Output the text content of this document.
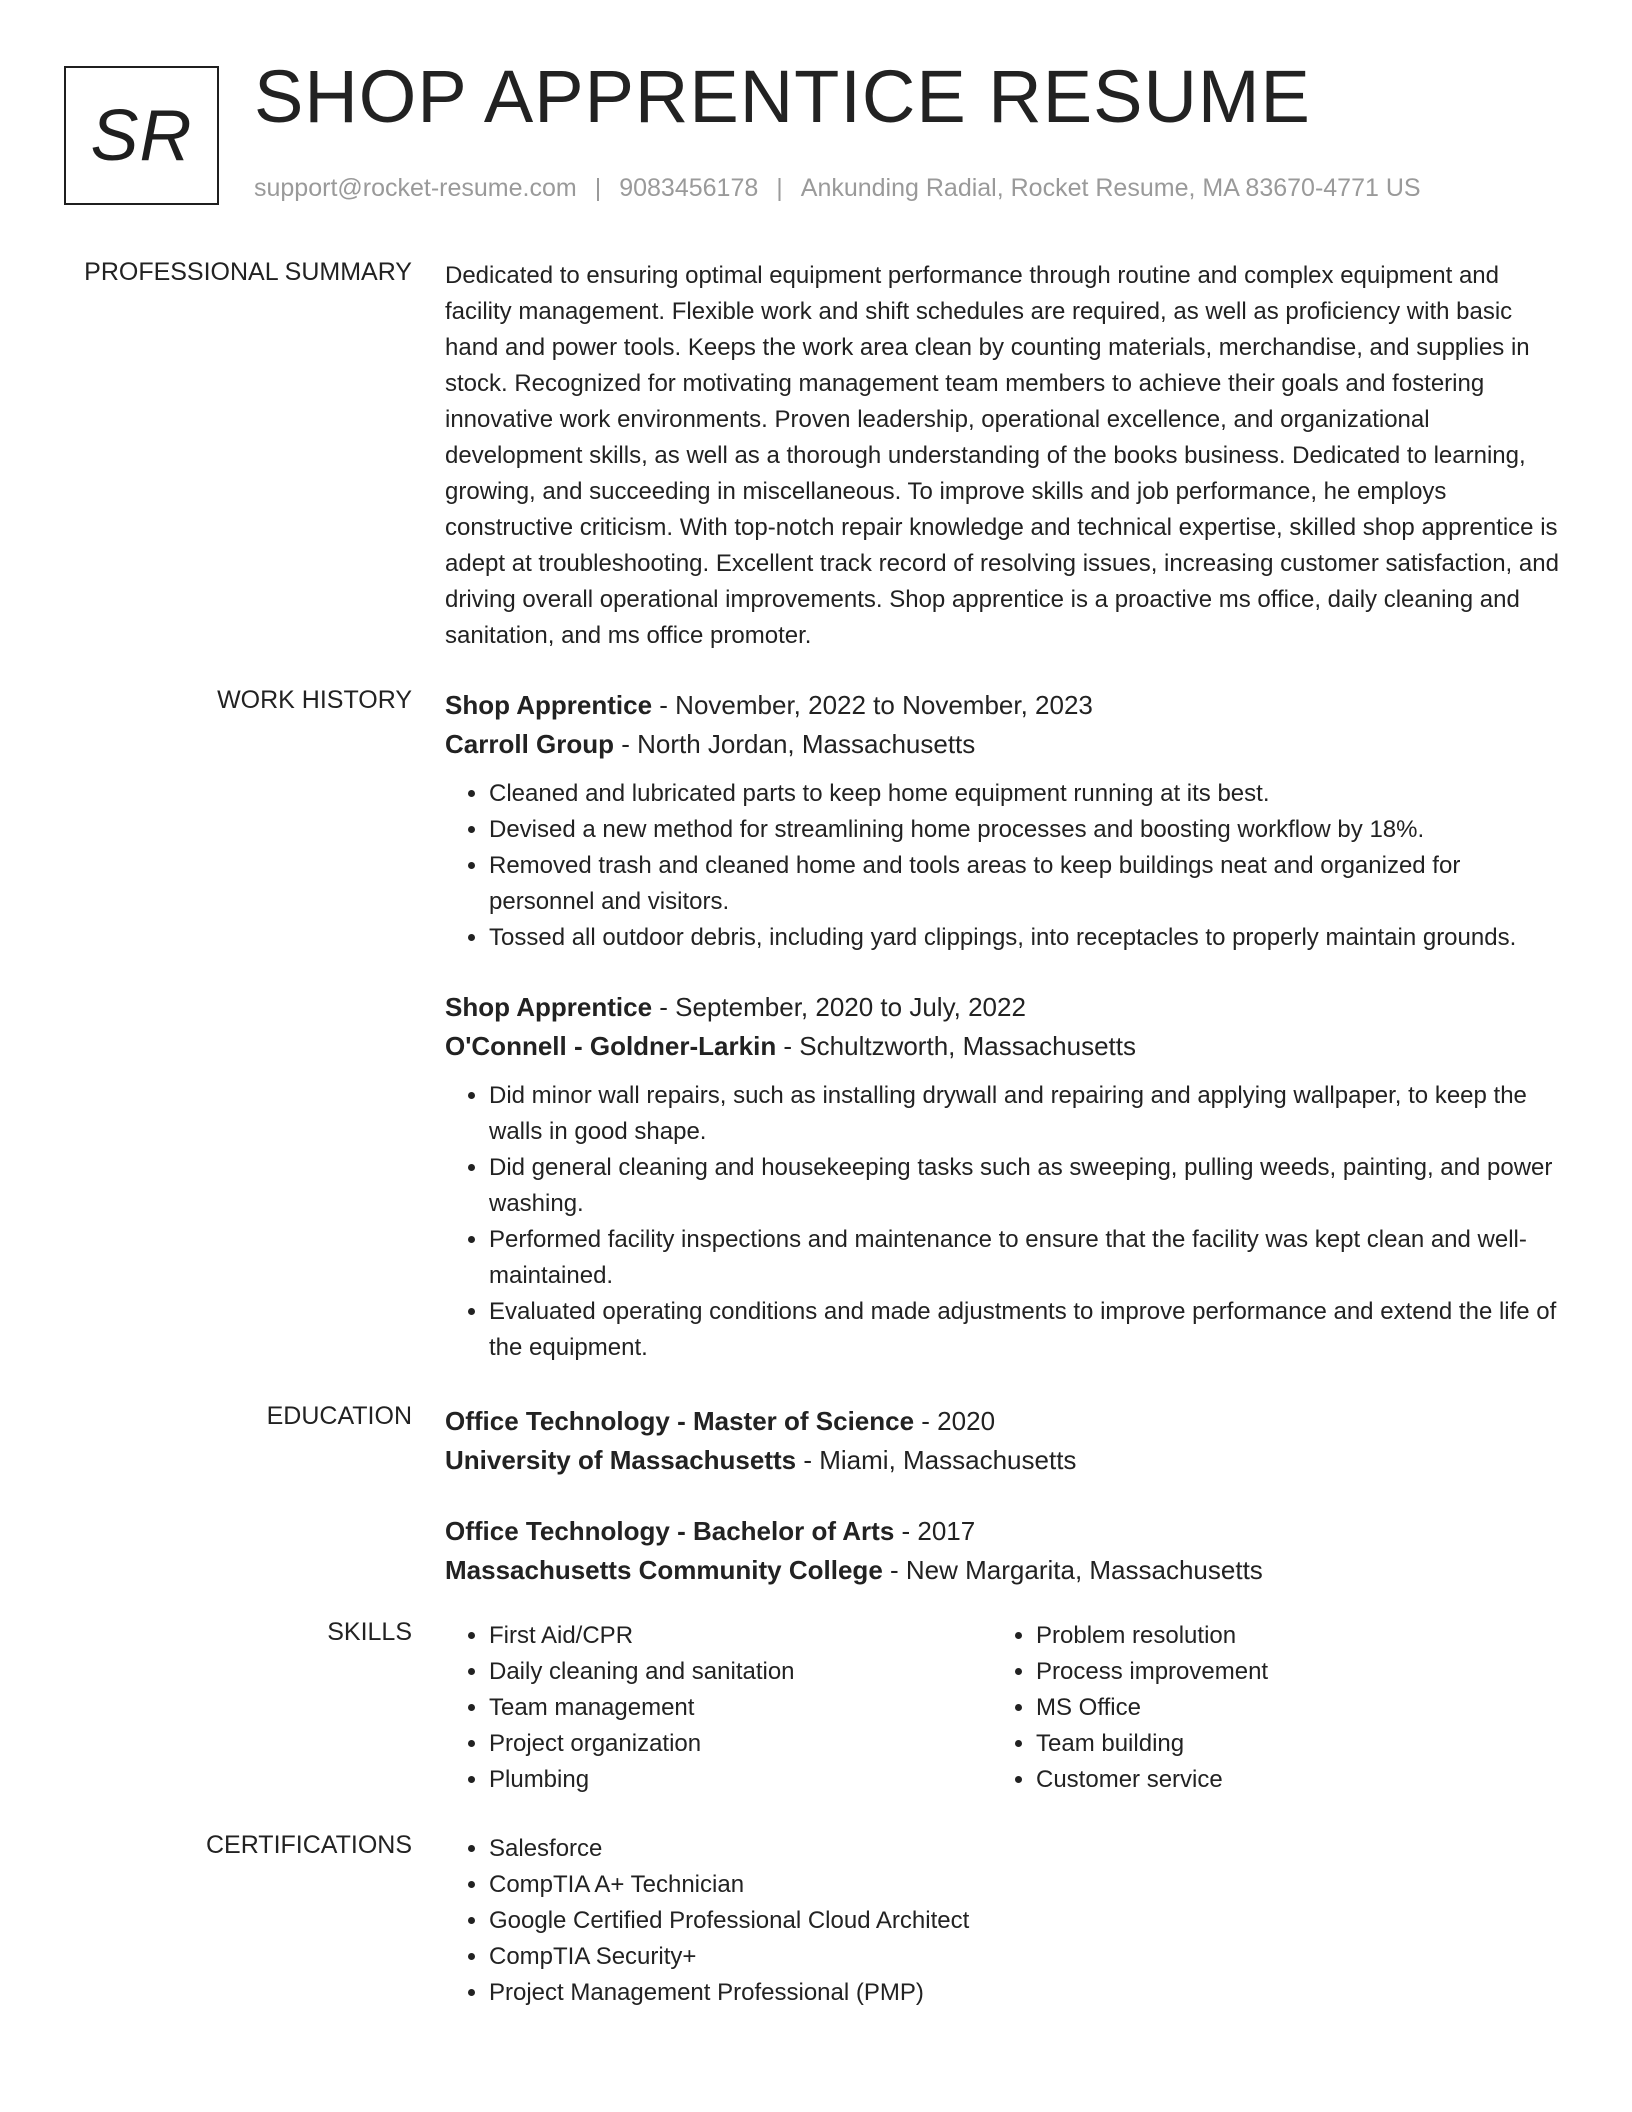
SR SHOP APPRENTICE RESUME
support@rocket-resume.com | 9083456178 | Ankunding Radial, Rocket Resume, MA 83670-4771 US
PROFESSIONAL SUMMARY Dedicated to ensuring optimal equipment performance through routine and complex equipment and facility management. Flexible work and shift schedules are required, as well as proficiency with basic hand and power tools. Keeps the work area clean by counting materials, merchandise, and supplies in stock. Recognized for motivating management team members to achieve their goals and fostering innovative work environments. Proven leadership, operational excellence, and organizational development skills, as well as a thorough understanding of the books business. Dedicated to learning, growing, and succeeding in miscellaneous. To improve skills and job performance, he employs constructive criticism. With top-notch repair knowledge and technical expertise, skilled shop apprentice is adept at troubleshooting. Excellent track record of resolving issues, increasing customer satisfaction, and driving overall operational improvements. Shop apprentice is a proactive ms office, daily cleaning and sanitation, and ms office promoter.

WORK HISTORY Shop Apprentice - November, 2022 to November, 2023
Carroll Group - North Jordan, Massachusetts
• Cleaned and lubricated parts to keep home equipment running at its best.
• Devised a new method for streamlining home processes and boosting workflow by 18%.
• Removed trash and cleaned home and tools areas to keep buildings neat and organized for personnel and visitors.
• Tossed all outdoor debris, including yard clippings, into receptacles to properly maintain grounds.
Shop Apprentice - September, 2020 to July, 2022
O'Connell - Goldner-Larkin - Schultzworth, Massachusetts
• Did minor wall repairs, such as installing drywall and repairing and applying wallpaper, to keep the walls in good shape.
• Did general cleaning and housekeeping tasks such as sweeping, pulling weeds, painting, and power washing.
• Performed facility inspections and maintenance to ensure that the facility was kept clean and well-maintained.
• Evaluated operating conditions and made adjustments to improve performance and extend the life of the equipment.
EDUCATION Office Technology - Master of Science - 2020
University of Massachusetts - Miami, Massachusetts
Office Technology - Bachelor of Arts - 2017
Massachusetts Community College - New Margarita, Massachusetts
SKILLS	• First Aid/CPR
• Daily cleaning and sanitation
• Team management
• Project organization
• Plumbing
• Problem resolution
• Process improvement
• MS Office
• Team building
• Customer service
CERTIFICATIONS	• Salesforce
• CompTIA A+ Technician
• Google Certified Professional Cloud Architect
• CompTIA Security+
• Project Management Professional (PMP)
